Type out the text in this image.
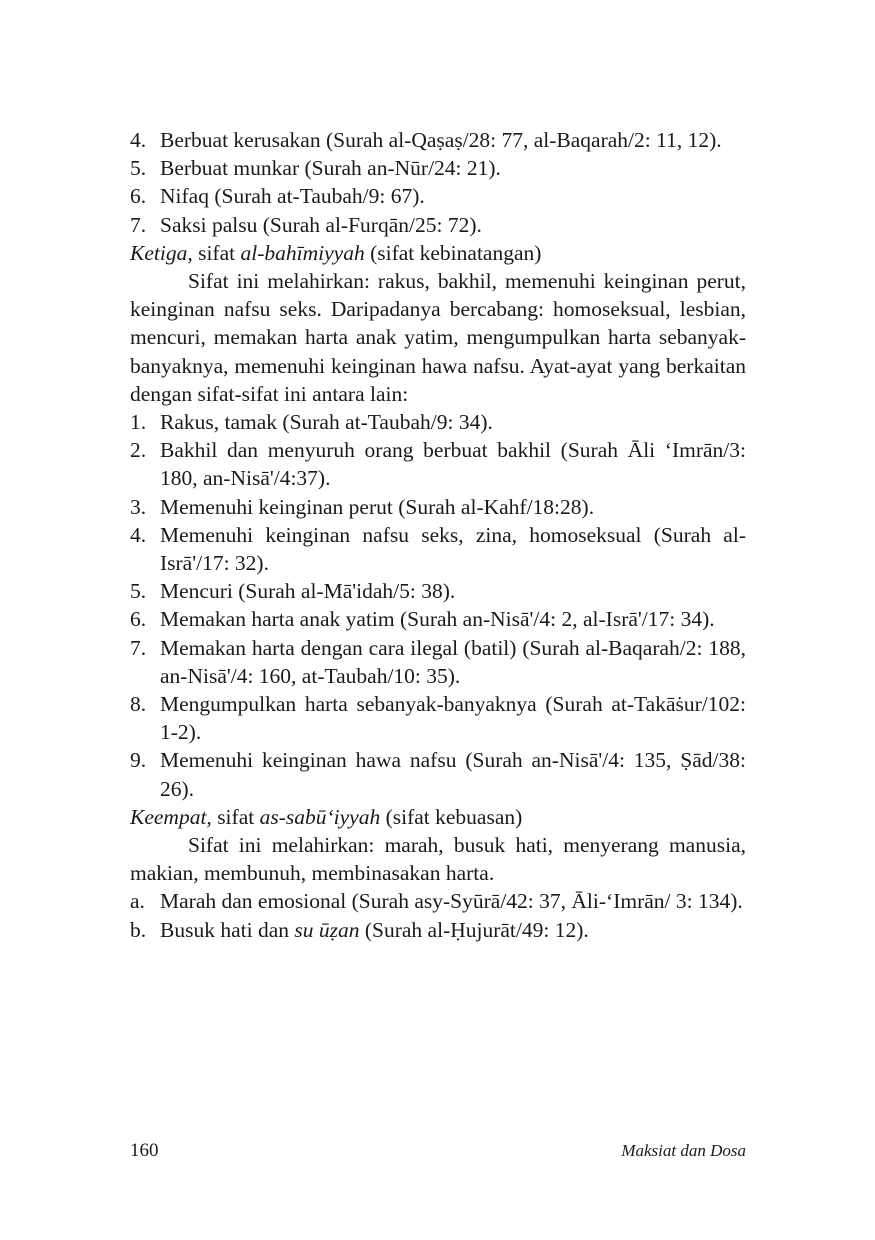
4. Berbuat kerusakan (Surah al-Qaṣaṣ/28: 77, al-Baqarah/2: 11, 12).
5. Berbuat munkar (Surah an-Nūr/24: 21).
6. Nifaq (Surah at-Taubah/9: 67).
7. Saksi palsu (Surah al-Furqān/25: 72).

Ketiga, sifat al-bahīmiyyah (sifat kebinatangan)

Sifat ini melahirkan: rakus, bakhil, memenuhi keinginan perut, keinginan nafsu seks. Daripadanya bercabang: homoseksual, lesbian, mencuri, memakan harta anak yatim, mengumpulkan harta sebanyak-banyaknya, memenuhi keinginan hawa nafsu. Ayat-ayat yang berkaitan dengan sifat-sifat ini antara lain:

1. Rakus, tamak (Surah at-Taubah/9: 34).
2. Bakhil dan menyuruh orang berbuat bakhil (Surah Āli ‘Imrān/3: 180, an-Nisā'/4:37).
3. Memenuhi keinginan perut (Surah al-Kahf/18:28).
4. Memenuhi keinginan nafsu seks, zina, homoseksual (Surah al-Isrā'/17: 32).
5. Mencuri (Surah al-Mā'idah/5: 38).
6. Memakan harta anak yatim (Surah an-Nisā'/4: 2, al-Isrā'/17: 34).
7. Memakan harta dengan cara ilegal (batil) (Surah al-Baqarah/2: 188, an-Nisā'/4: 160, at-Taubah/10: 35).
8. Mengumpulkan harta sebanyak-banyaknya (Surah at-Takāṡur/102: 1-2).
9. Memenuhi keinginan hawa nafsu (Surah an-Nisā'/4: 135, Ṣād/38: 26).

Keempat, sifat as-sabū‘iyyah (sifat kebuasan)

Sifat ini melahirkan: marah, busuk hati, menyerang manusia, makian, membunuh, membinasakan harta.

a. Marah dan emosional (Surah asy-Syūrā/42: 37, Āli-‘Imrān/ 3: 134).
b. Busuk hati dan su ūẓan (Surah al-Ḥujurāt/49: 12).
160	Maksiat dan Dosa
